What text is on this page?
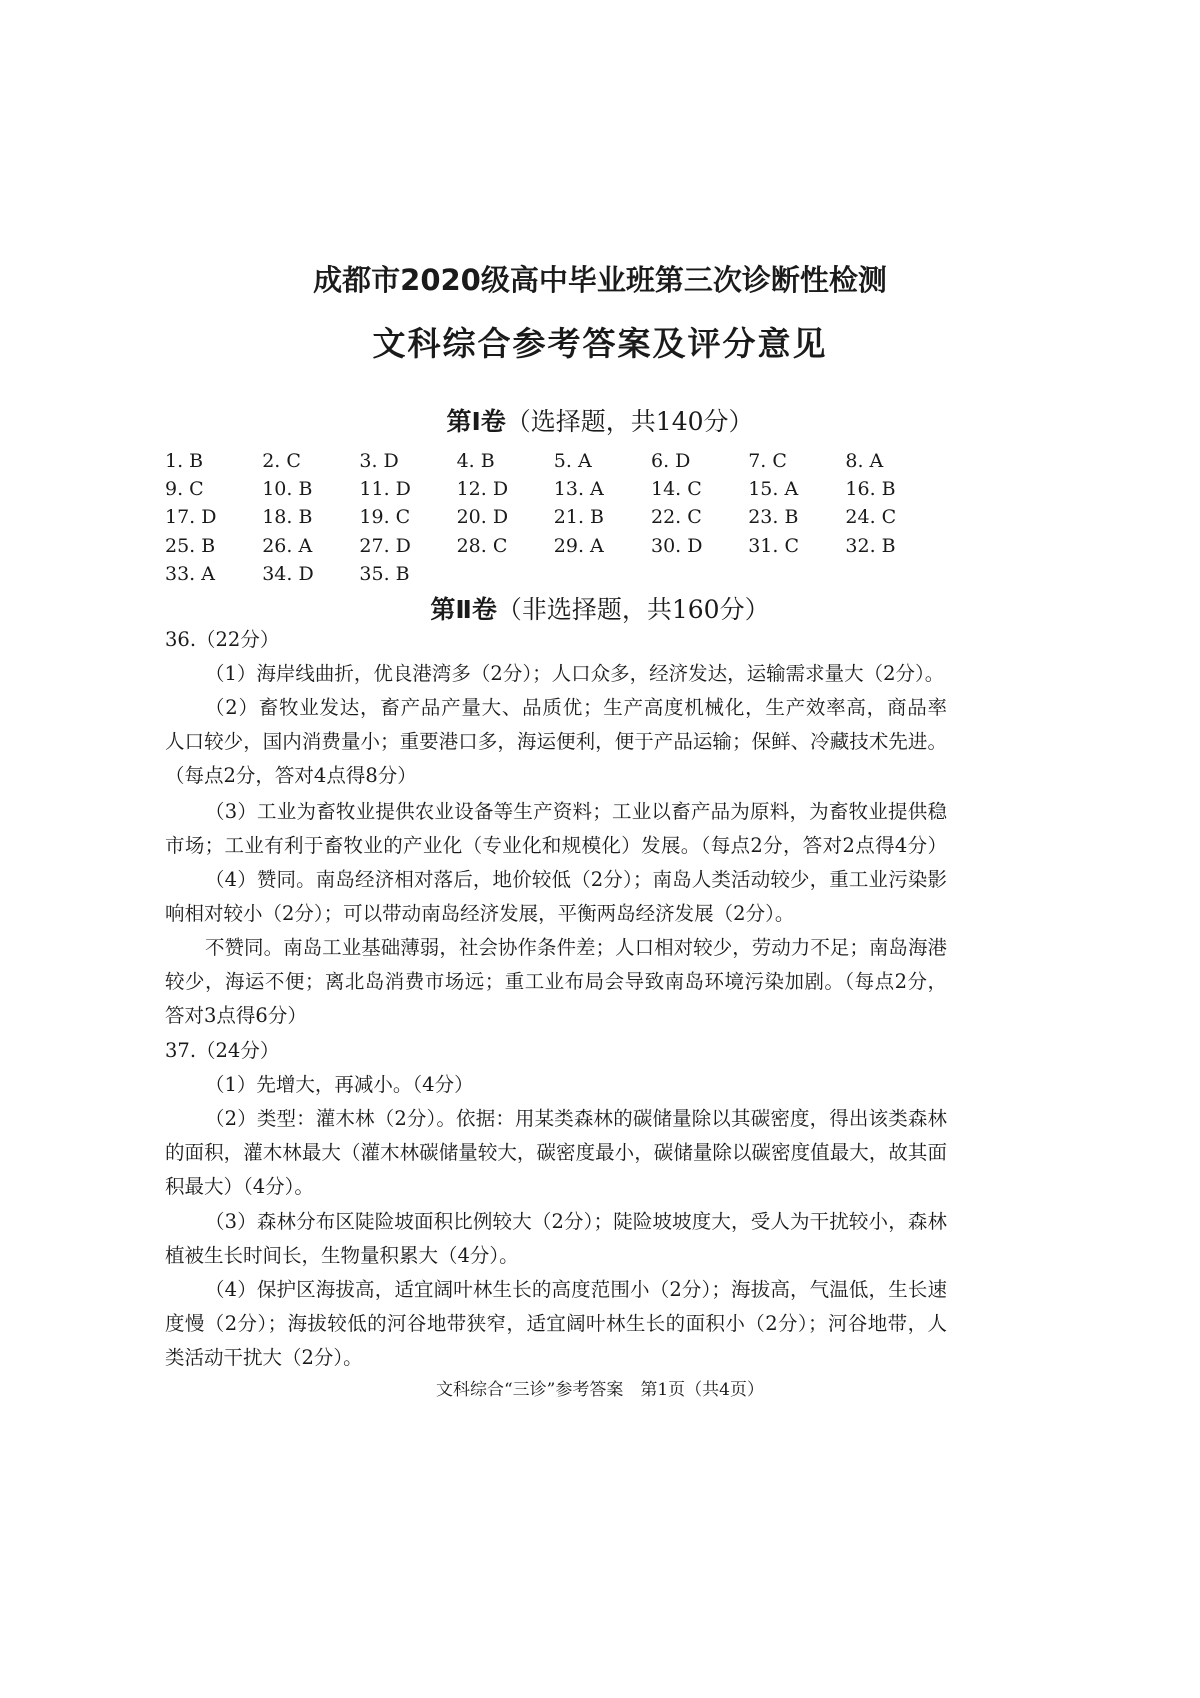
成都市2020级高中毕业班第三次诊断性检测
文科综合参考答案及评分意见
第Ⅰ卷（选择题，共140分）
1. B	2. C	3. D	4. B	5. A	6. D	7. C	8. A
9. C	10. B 11. D 12. D 13. A 14. C 15. A 16. B
17. D 18. B 19. C 20. D 21. B 22. C 23. B 24. C
25. B 26. A 27. D 28. C 29. A 30. D 31. C 32. B
33. A 34. D 35. B
第Ⅱ卷（非选择题，共160分）
36.（22分）
（1）海岸线曲折，优良港湾多（2分）；人口众多，经济发达，运输需求量大（2分）。
（2）畜牧业发达，畜产品产量大、品质优；生产高度机械化，生产效率高，商品率
人口较少，国内消费量小；重要港口多，海运便利，便于产品运输；保鲜、冷藏技术先进。
（每点2分，答对4点得8分）
（3）工业为畜牧业提供农业设备等生产资料；工业以畜产品为原料，为畜牧业提供稳
市场；工业有利于畜牧业的产业化（专业化和规模化）发展。（每点2分，答对2点得4分）
（4）赞同。南岛经济相对落后，地价较低（2分）；南岛人类活动较少，重工业污染影
响相对较小（2分）；可以带动南岛经济发展，平衡两岛经济发展（2分）。
不赞同。南岛工业基础薄弱，社会协作条件差；人口相对较少，劳动力不足；南岛海港
较少，海运不便；离北岛消费市场远；重工业布局会导致南岛环境污染加剧。（每点2分，
答对3点得6分）
37.（24分）
（1）先增大，再减小。（4分）
（2）类型：灌木林（2分）。依据：用某类森林的碳储量除以其碳密度，得出该类森林
的面积，灌木林最大（灌木林碳储量较大，碳密度最小，碳储量除以碳密度值最大，故其面
积最大）（4分）。
（3）森林分布区陡险坡面积比例较大（2分）；陡险坡坡度大，受人为干扰较小，森林
植被生长时间长，生物量积累大（4分）。
（4）保护区海拔高，适宜阔叶林生长的高度范围小（2分）；海拔高，气温低，生长速
度慢（2分）；海拔较低的河谷地带狭窄，适宜阔叶林生长的面积小（2分）；河谷地带，人
类活动干扰大（2分）。
文科综合“三诊”参考答案　第1页（共4页）
